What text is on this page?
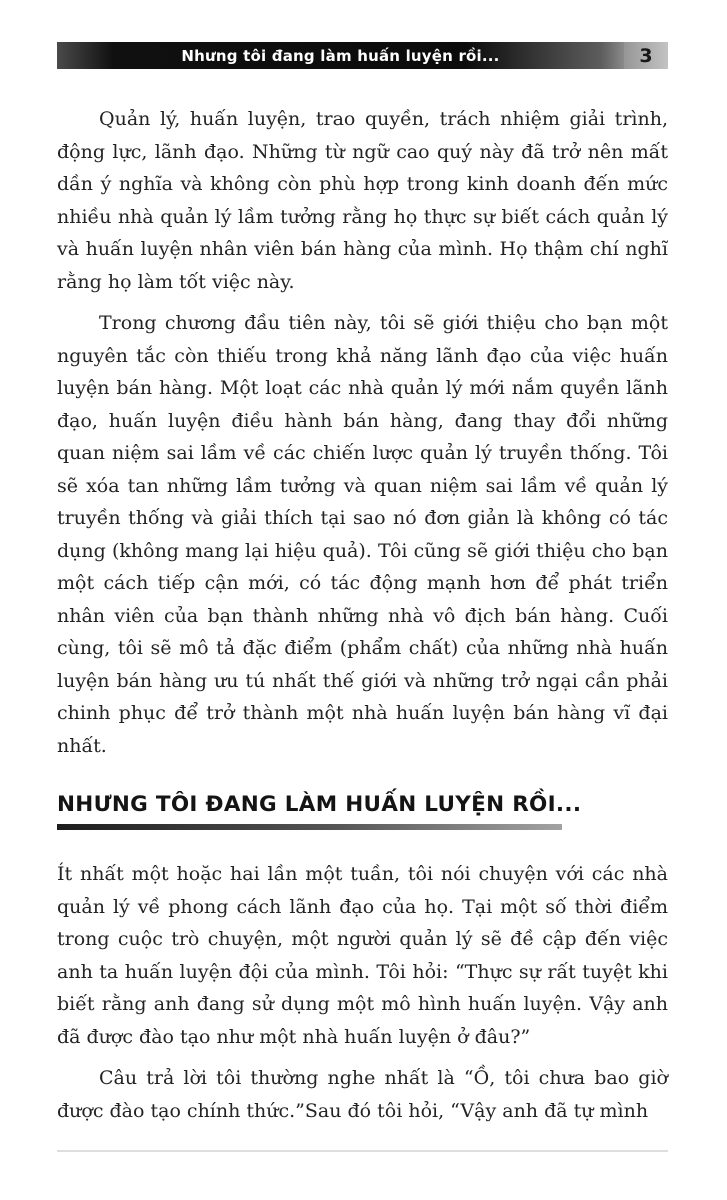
Nhưng tôi đang làm huấn luyện rồi...	3

Quản lý, huấn luyện, trao quyền, trách nhiệm giải trình, động lực, lãnh đạo. Những từ ngữ cao quý này đã trở nên mất dần ý nghĩa và không còn phù hợp trong kinh doanh đến mức nhiều nhà quản lý lầm tưởng rằng họ thực sự biết cách quản lý và huấn luyện nhân viên bán hàng của mình. Họ thậm chí nghĩ rằng họ làm tốt việc này.

Trong chương đầu tiên này, tôi sẽ giới thiệu cho bạn một nguyên tắc còn thiếu trong khả năng lãnh đạo của việc huấn luyện bán hàng. Một loạt các nhà quản lý mới nắm quyền lãnh đạo, huấn luyện điều hành bán hàng, đang thay đổi những quan niệm sai lầm về các chiến lược quản lý truyền thống. Tôi sẽ xóa tan những lầm tưởng và quan niệm sai lầm về quản lý truyền thống và giải thích tại sao nó đơn giản là không có tác dụng (không mang lại hiệu quả). Tôi cũng sẽ giới thiệu cho bạn một cách tiếp cận mới, có tác động mạnh hơn để phát triển nhân viên của bạn thành những nhà vô địch bán hàng. Cuối cùng, tôi sẽ mô tả đặc điểm (phẩm chất) của những nhà huấn luyện bán hàng ưu tú nhất thế giới và những trở ngại cần phải chinh phục để trở thành một nhà huấn luyện bán hàng vĩ đại nhất.

NHƯNG TÔI ĐANG LÀM HUẤN LUYỆN RỒI...

Ít nhất một hoặc hai lần một tuần, tôi nói chuyện với các nhà quản lý về phong cách lãnh đạo của họ. Tại một số thời điểm trong cuộc trò chuyện, một người quản lý sẽ đề cập đến việc anh ta huấn luyện đội của mình. Tôi hỏi: “Thực sự rất tuyệt khi biết rằng anh đang sử dụng một mô hình huấn luyện. Vậy anh đã được đào tạo như một nhà huấn luyện ở đâu?”

Câu trả lời tôi thường nghe nhất là “Ồ, tôi chưa bao giờ được đào tạo chính thức.”Sau đó tôi hỏi, “Vậy anh đã tự mình
